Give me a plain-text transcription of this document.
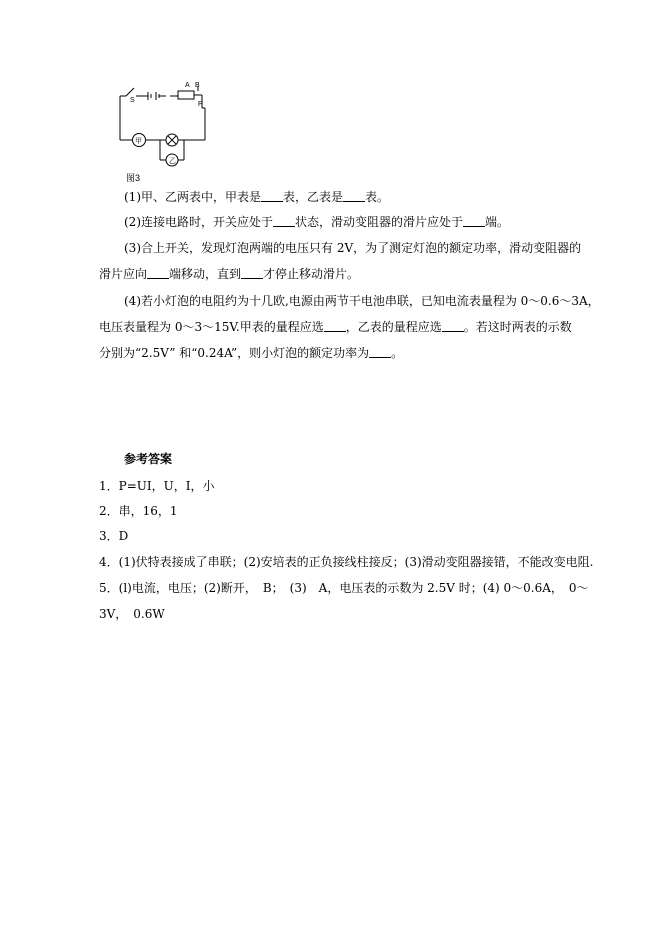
S
A B
P
甲
乙
图3
(1)甲、乙两表中，甲表是 表，乙表是 表。
(2)连接电路时，开关应处于 状态，滑动变阻器的滑片应处于 端。
(3)合上开关，发现灯泡两端的电压只有 2V，为了测定灯泡的额定功率，滑动变阻器的
滑片应向 端移动，直到 才停止移动滑片。
(4)若小灯泡的电阻约为十几欧,电源由两节干电池串联，已知电流表量程为 0～0.6～3A，
电压表量程为 0～3～15V.甲表的量程应选 ，乙表的量程应选 。若这时两表的示数
分别为“2.5V” 和“0.24A”，则小灯泡的额定功率为 。
参考答案
1．P=UI，U，I，小
2．串，16，1
3．D
4．(1)伏特表接成了串联；(2)安培表的正负接线柱接反；(3)滑动变阻器接错，不能改变电阻.
5．(l)电流，电压；(2)断开，　B；　(3)　A，电压表的示数为 2.5V 时；(4) 0～0.6A，　0～
3V，　0.6W
